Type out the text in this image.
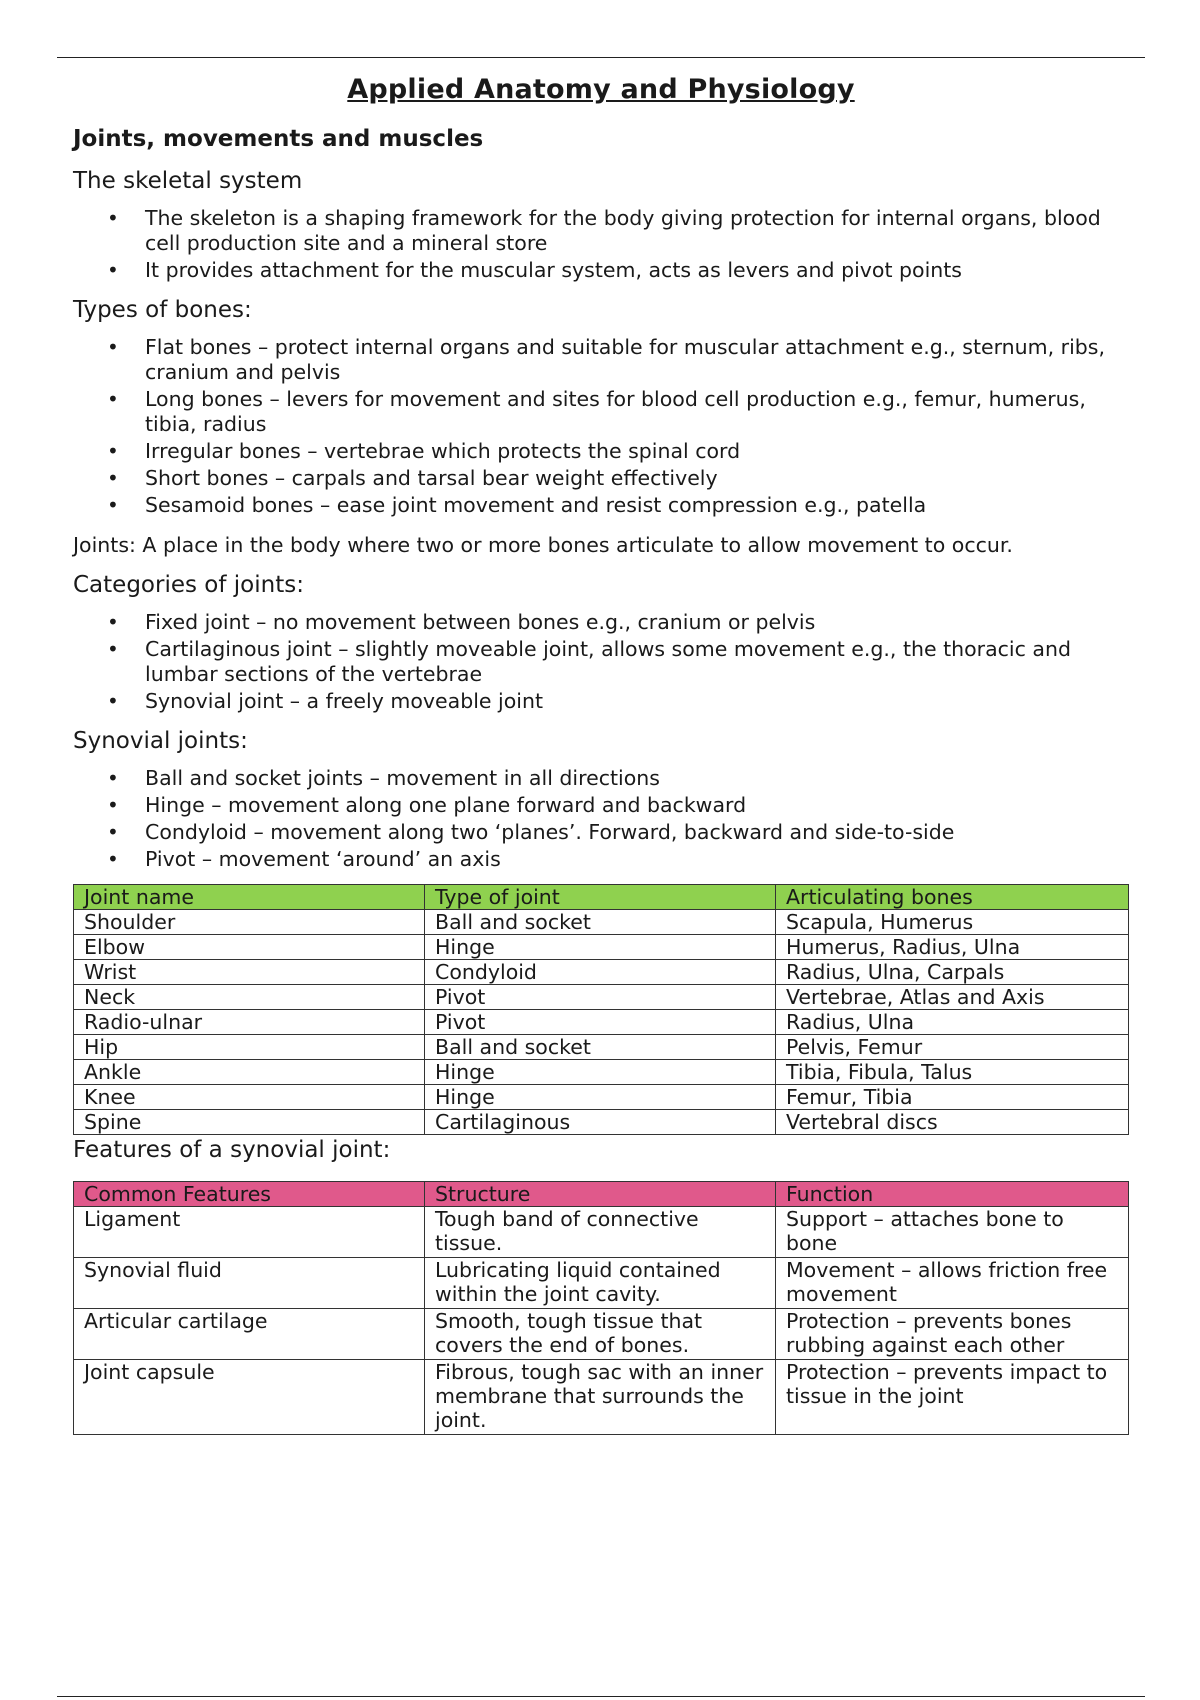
Applied Anatomy and Physiology
Joints, movements and muscles
The skeletal system
• The skeleton is a shaping framework for the body giving protection for internal organs, blood cell production site and a mineral store
• It provides attachment for the muscular system, acts as levers and pivot points
Types of bones:
• Flat bones – protect internal organs and suitable for muscular attachment e.g., sternum, ribs, cranium and pelvis
• Long bones – levers for movement and sites for blood cell production e.g., femur, humerus, tibia, radius
• Irregular bones – vertebrae which protects the spinal cord
• Short bones – carpals and tarsal bear weight effectively
• Sesamoid bones – ease joint movement and resist compression e.g., patella

Joints: A place in the body where two or more bones articulate to allow movement to occur.

Categories of joints:
• Fixed joint – no movement between bones e.g., cranium or pelvis
• Cartilaginous joint – slightly moveable joint, allows some movement e.g., the thoracic and lumbar sections of the vertebrae
• Synovial joint – a freely moveable joint
Synovial joints:
• Ball and socket joints – movement in all directions
• Hinge – movement along one plane forward and backward
• Condyloid – movement along two ‘planes’. Forward, backward and side-to-side
• Pivot – movement ‘around’ an axis
Joint name	Type of joint	Articulating bones
Shoulder	Ball and socket	Scapula, Humerus
Elbow	Hinge	Humerus, Radius, Ulna
Wrist	Condyloid	Radius, Ulna, Carpals
Neck	Pivot	Vertebrae, Atlas and Axis
Radio-ulnar	Pivot	Radius, Ulna
Hip	Ball and socket	Pelvis, Femur
Ankle	Hinge	Tibia, Fibula, Talus
Knee	Hinge	Femur, Tibia
Spine	Cartilaginous	Vertebral discs
Features of a synovial joint:
Common Features	Structure	Function
Ligament	Tough band of connective tissue.	Support – attaches bone to bone
Synovial fluid	Lubricating liquid contained within the joint cavity.	Movement – allows friction free movement
Articular cartilage	Smooth, tough tissue that covers the end of bones.	Protection – prevents bones rubbing against each other
Joint capsule	Fibrous, tough sac with an inner membrane that surrounds the joint.	Protection – prevents impact to tissue in the joint
